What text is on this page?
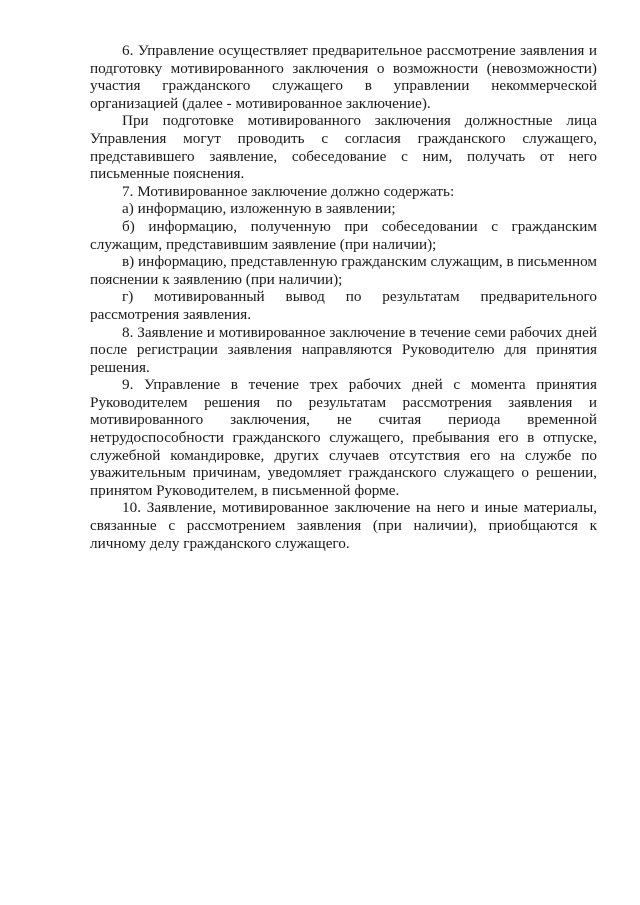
6. Управление осуществляет предварительное рассмотрение заявления и подготовку мотивированного заключения о возможности (невозможности) участия гражданского служащего в управлении некоммерческой организацией (далее - мотивированное заключение).

При подготовке мотивированного заключения должностные лица Управления могут проводить с согласия гражданского служащего, представившего заявление, собеседование с ним, получать от него письменные пояснения.

7. Мотивированное заключение должно содержать:

а) информацию, изложенную в заявлении;

б) информацию, полученную при собеседовании с гражданским служащим, представившим заявление (при наличии);

в) информацию, представленную гражданским служащим, в письменном пояснении к заявлению (при наличии);

г) мотивированный вывод по результатам предварительного рассмотрения заявления.

8. Заявление и мотивированное заключение в течение семи рабочих дней после регистрации заявления направляются Руководителю для принятия решения.

9. Управление в течение трех рабочих дней с момента принятия Руководителем решения по результатам рассмотрения заявления и мотивированного заключения, не считая периода временной нетрудоспособности гражданского служащего, пребывания его в отпуске, служебной командировке, других случаев отсутствия его на службе по уважительным причинам, уведомляет гражданского служащего о решении, принятом Руководителем, в письменной форме.

10. Заявление, мотивированное заключение на него и иные материалы, связанные с рассмотрением заявления (при наличии), приобщаются к личному делу гражданского служащего.
